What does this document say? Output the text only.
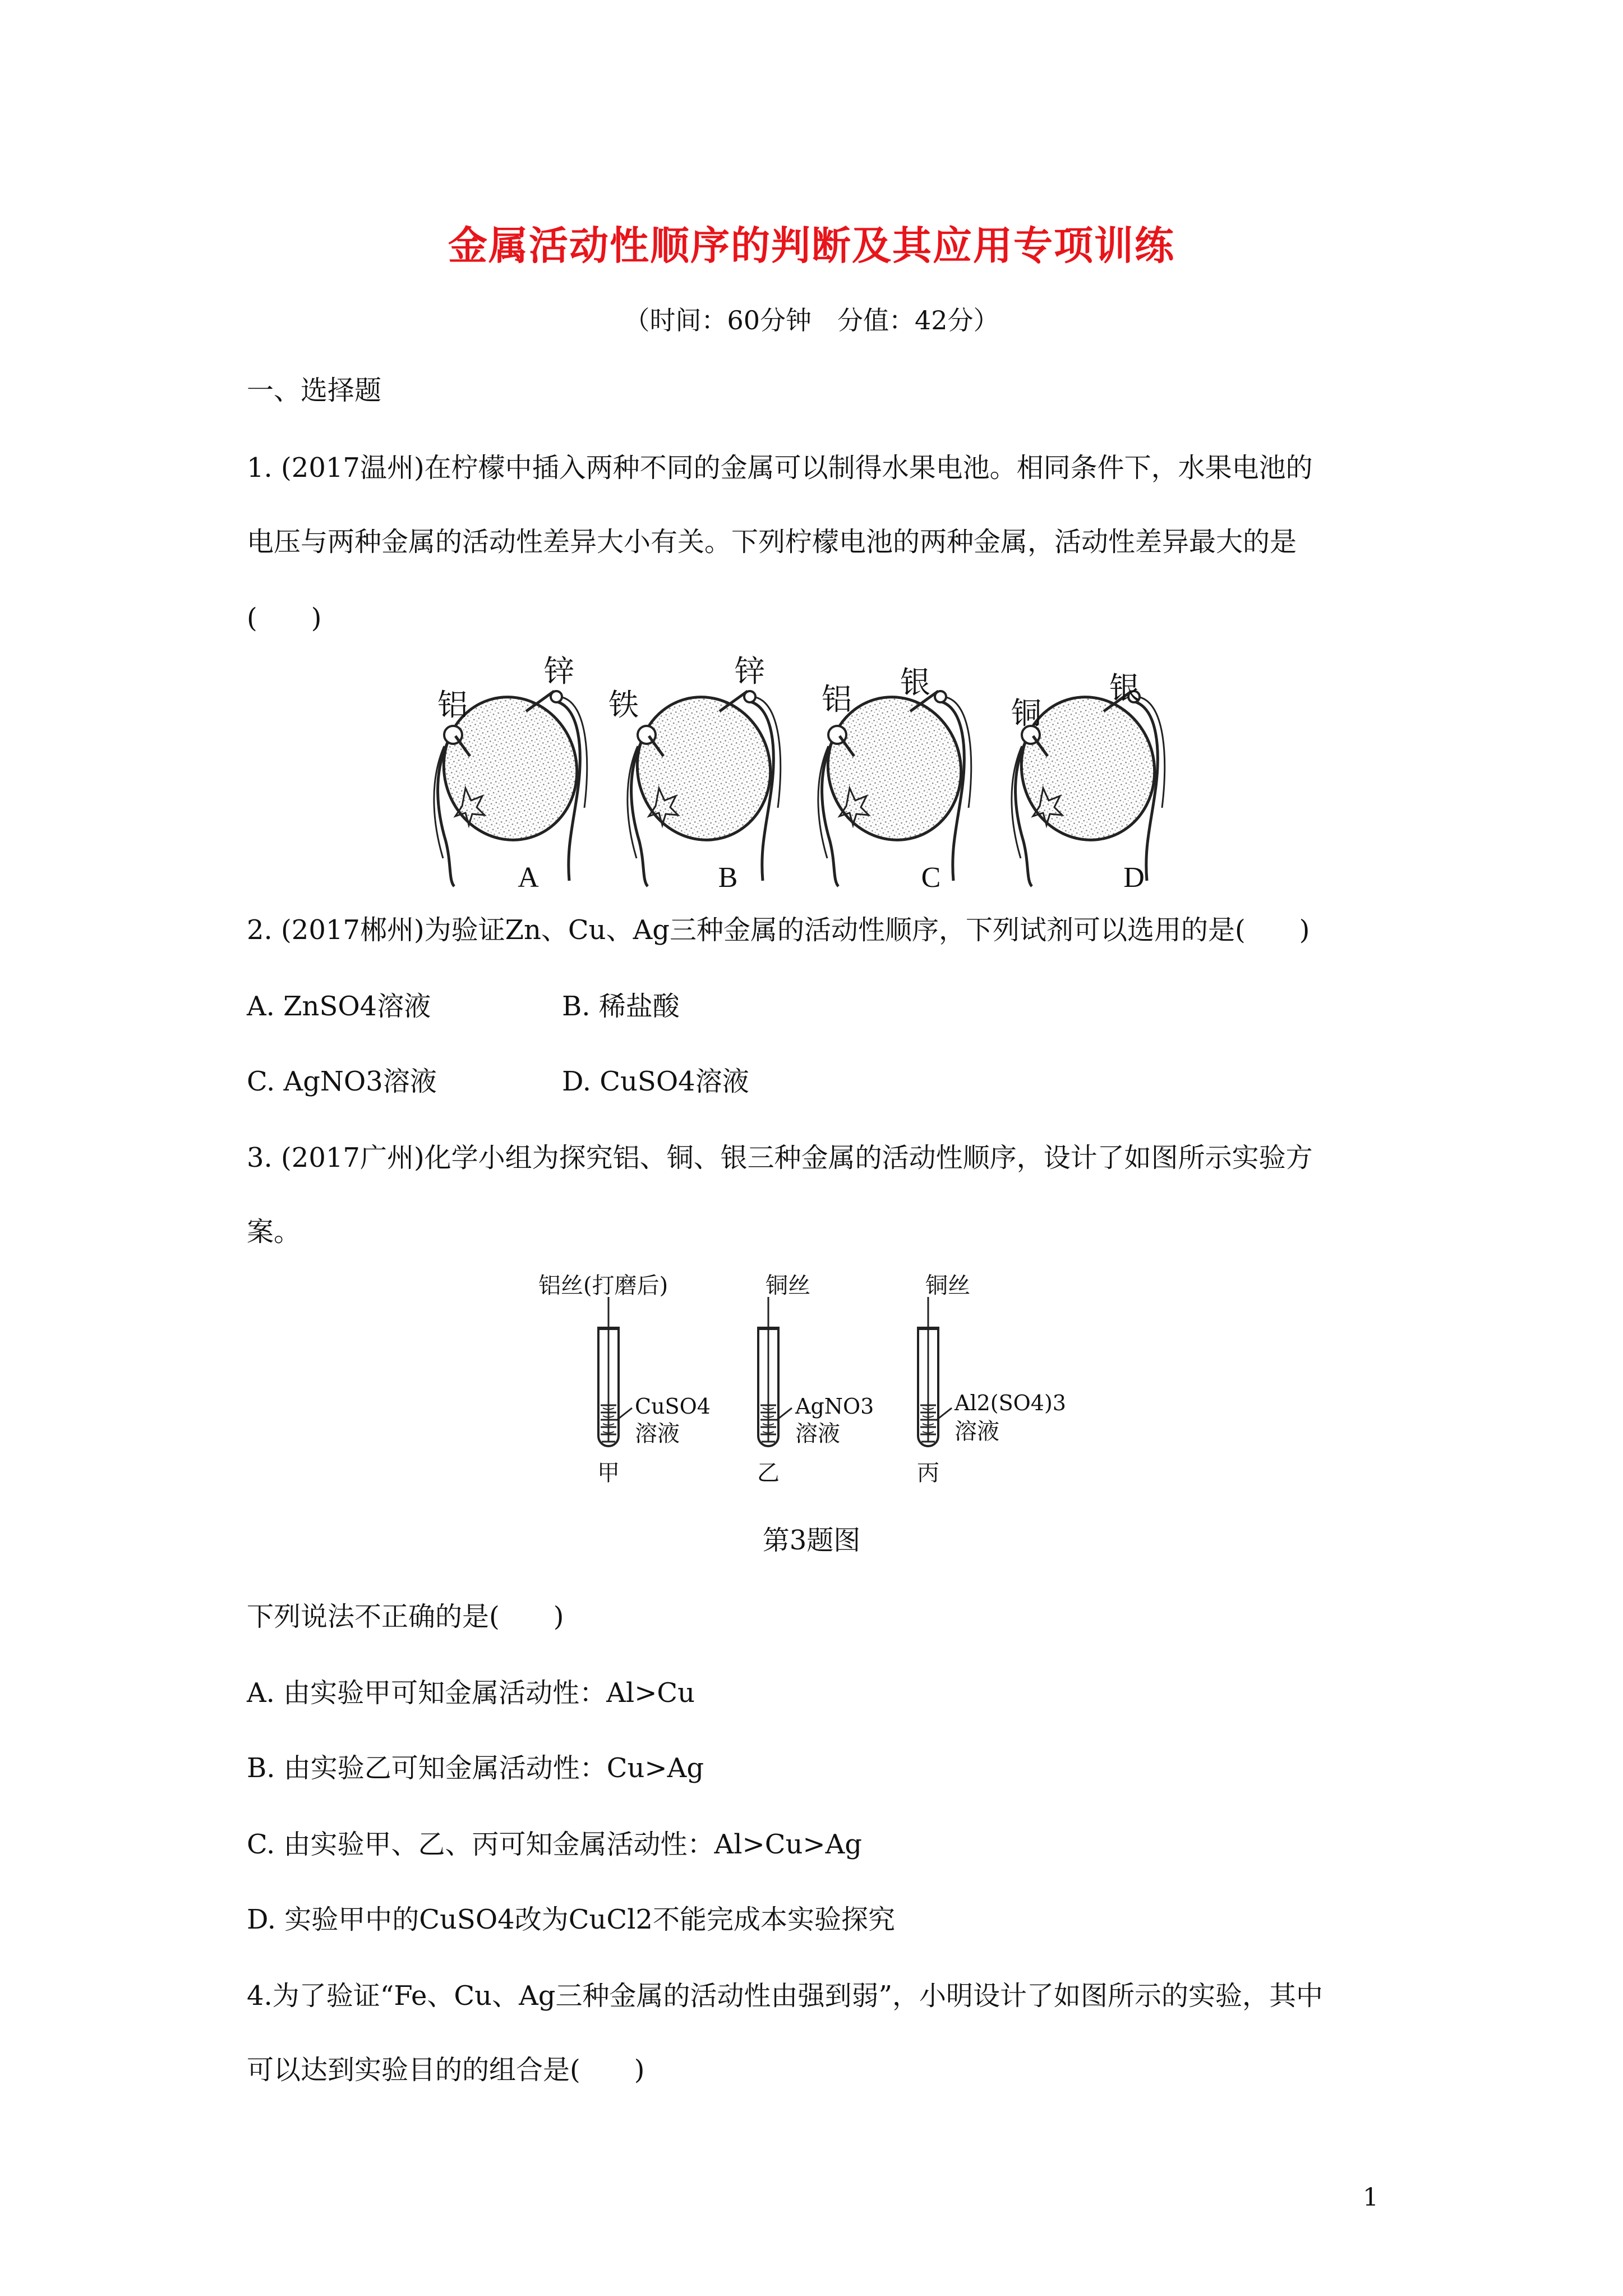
金属活动性顺序的判断及其应用专项训练
（时间：60分钟　分值：42分）
一、选择题
1. (2017温州)在柠檬中插入两种不同的金属可以制得水果电池。相同条件下，水果电池的
电压与两种金属的活动性差异大小有关。下列柠檬电池的两种金属，活动性差异最大的是
(　　)
铝
锌
铁
锌
铝 银
铜
银
A	B	C	D
2. (2017郴州)为验证Zn、Cu、Ag三种金属的活动性顺序，下列试剂可以选用的是(　　)
A. ZnSO4溶液	B. 稀盐酸
C. AgNO3溶液	D. CuSO4溶液
3. (2017广州)化学小组为探究铝、铜、银三种金属的活动性顺序，设计了如图所示实验方
案。
铝丝(打磨后)	铜丝	铜丝
CuSO4
溶液
AgNO3
溶液
Al2(SO4)3
溶液
甲	乙	丙
第3题图
下列说法不正确的是(　　)
A. 由实验甲可知金属活动性：Al>Cu
B. 由实验乙可知金属活动性：Cu>Ag
C. 由实验甲、乙、丙可知金属活动性：Al>Cu>Ag
D. 实验甲中的CuSO4改为CuCl2不能完成本实验探究
4.为了验证“Fe、Cu、Ag三种金属的活动性由强到弱”，小明设计了如图所示的实验，其中
可以达到实验目的的组合是(　　)
1
